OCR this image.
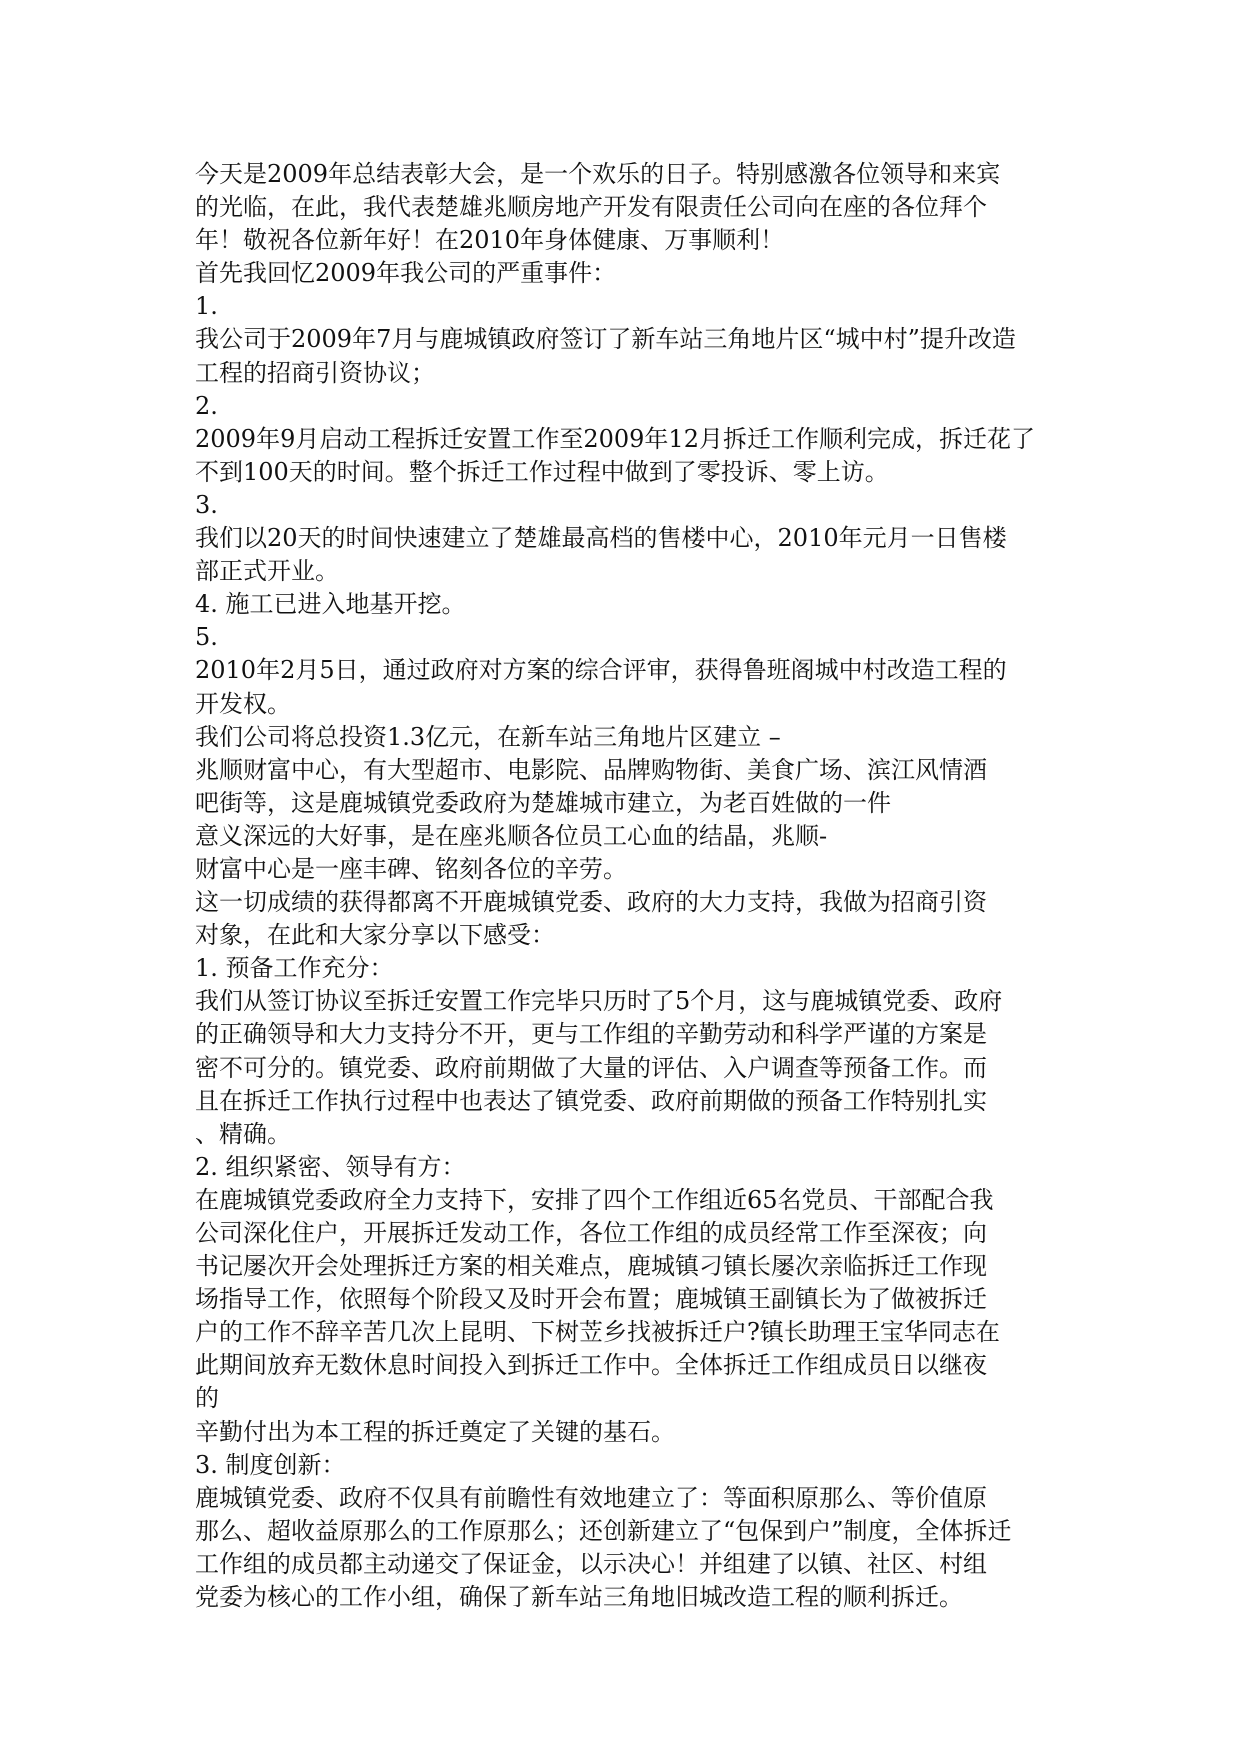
今天是2009年总结表彰大会，是一个欢乐的日子。特别感激各位领导和来宾
的光临，在此，我代表楚雄兆顺房地产开发有限责任公司向在座的各位拜个
年！敬祝各位新年好！在2010年身体健康、万事顺利！
首先我回忆2009年我公司的严重事件：
1.
我公司于2009年7月与鹿城镇政府签订了新车站三角地片区“城中村”提升改造
工程的招商引资协议；
2.
2009年9月启动工程拆迁安置工作至2009年12月拆迁工作顺利完成，拆迁花了
不到100天的时间。整个拆迁工作过程中做到了零投诉、零上访。
3.
我们以20天的时间快速建立了楚雄最高档的售楼中心，2010年元月一日售楼
部正式开业。
4. 施工已进入地基开挖。
5.
2010年2月5日，通过政府对方案的综合评审，获得鲁班阁城中村改造工程的
开发权。
我们公司将总投资1.3亿元，在新车站三角地片区建立 –
兆顺财富中心，有大型超市、电影院、品牌购物街、美食广场、滨江风情酒
吧街等，这是鹿城镇党委政府为楚雄城市建立，为老百姓做的一件
意义深远的大好事，是在座兆顺各位员工心血的结晶，兆顺-
财富中心是一座丰碑、铭刻各位的辛劳。
这一切成绩的获得都离不开鹿城镇党委、政府的大力支持，我做为招商引资
对象，在此和大家分享以下感受：
1. 预备工作充分：
我们从签订协议至拆迁安置工作完毕只历时了5个月，这与鹿城镇党委、政府
的正确领导和大力支持分不开，更与工作组的辛勤劳动和科学严谨的方案是
密不可分的。镇党委、政府前期做了大量的评估、入户调查等预备工作。而
且在拆迁工作执行过程中也表达了镇党委、政府前期做的预备工作特别扎实
、精确。
2. 组织紧密、领导有方：
在鹿城镇党委政府全力支持下，安排了四个工作组近65名党员、干部配合我
公司深化住户，开展拆迁发动工作，各位工作组的成员经常工作至深夜；向
书记屡次开会处理拆迁方案的相关难点，鹿城镇刁镇长屡次亲临拆迁工作现
场指导工作，依照每个阶段又及时开会布置；鹿城镇王副镇长为了做被拆迁
户的工作不辞辛苦几次上昆明、下树苙乡找被拆迁户?镇长助理王宝华同志在
此期间放弃无数休息时间投入到拆迁工作中。全体拆迁工作组成员日以继夜
的
辛勤付出为本工程的拆迁奠定了关键的基石。
3. 制度创新：
鹿城镇党委、政府不仅具有前瞻性有效地建立了：等面积原那么、等价值原
那么、超收益原那么的工作原那么；还创新建立了“包保到户”制度，全体拆迁
工作组的成员都主动递交了保证金，以示决心！并组建了以镇、社区、村组
党委为核心的工作小组，确保了新车站三角地旧城改造工程的顺利拆迁。
